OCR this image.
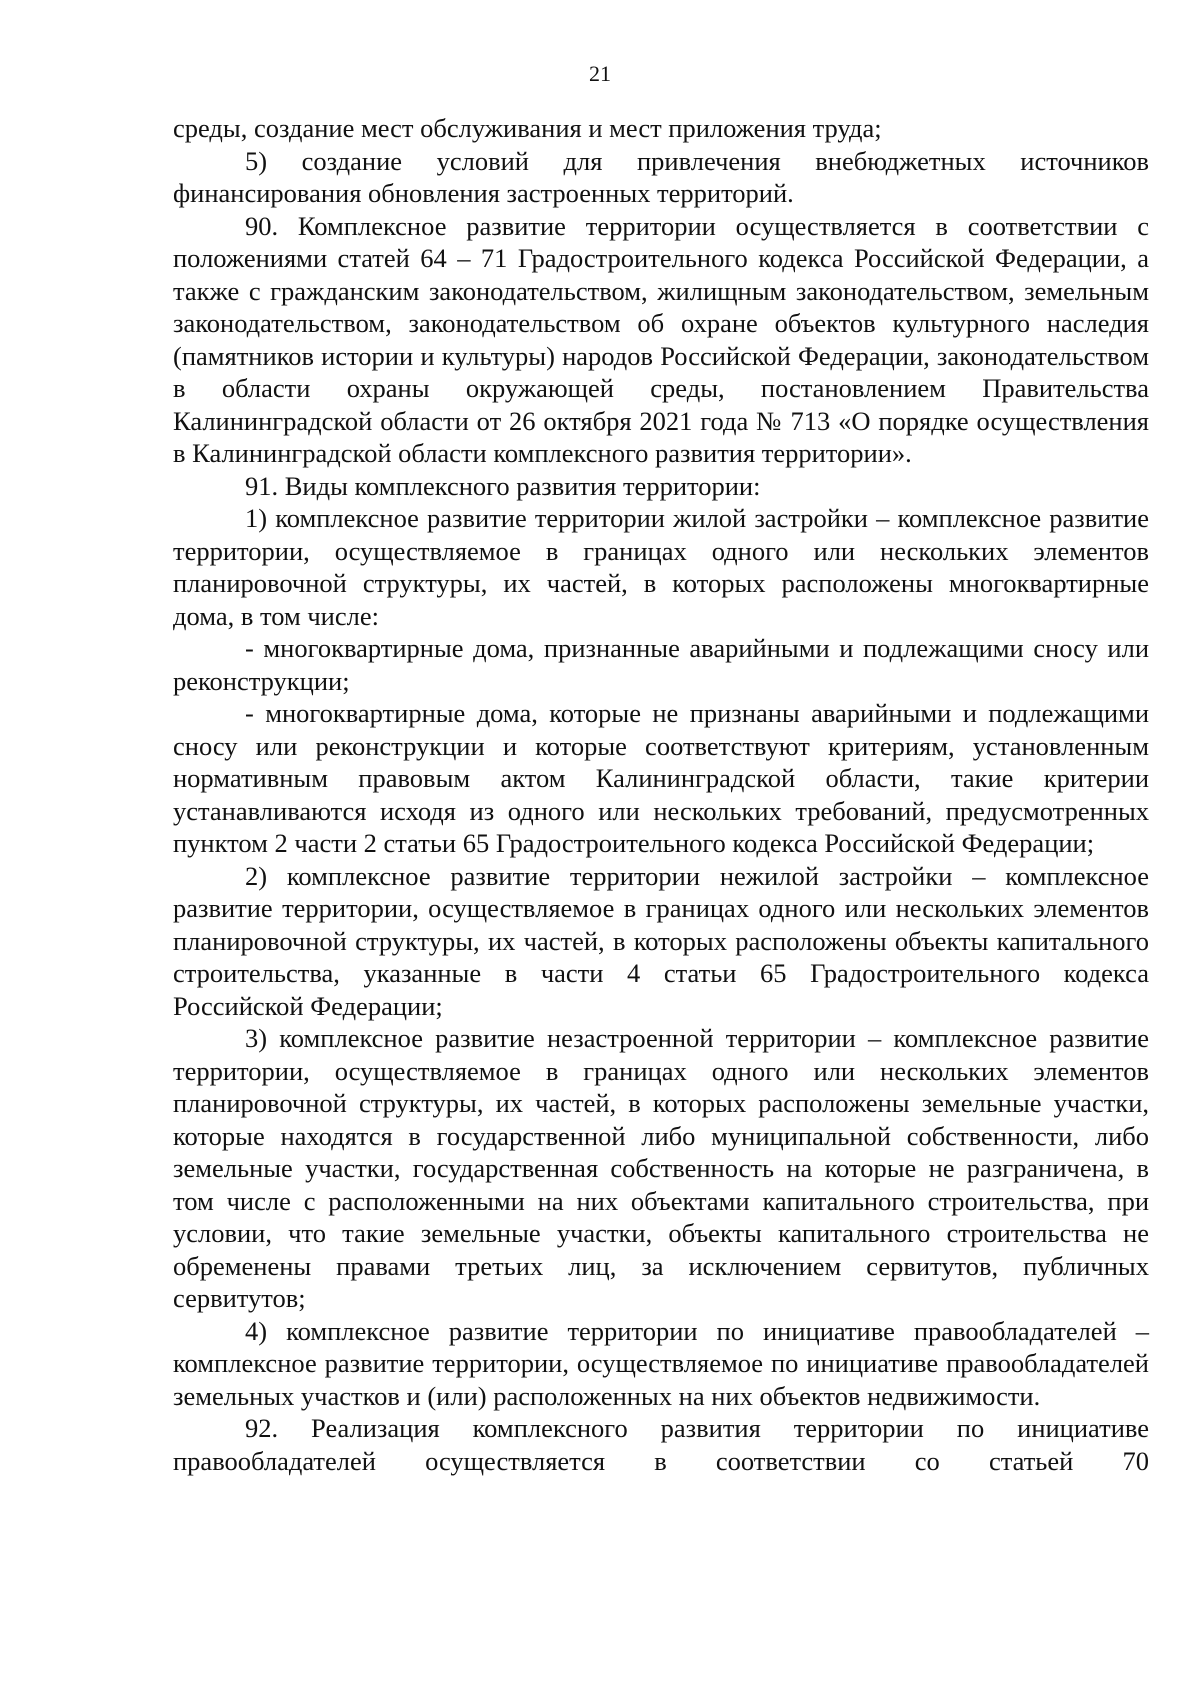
21

среды, создание мест обслуживания и мест приложения труда;

5) создание условий для привлечения внебюджетных источников финансирования обновления застроенных территорий.

90. Комплексное развитие территории осуществляется в соответствии с положениями статей 64 – 71 Градостроительного кодекса Российской Федерации, а также с гражданским законодательством, жилищным законодательством, земельным законодательством, законодательством об охране объектов культурного наследия (памятников истории и культуры) народов Российской Федерации, законодательством в области охраны окружающей среды, постановлением Правительства Калининградской области от 26 октября 2021 года № 713 «О порядке осуществления в Калининградской области комплексного развития территории».

91. Виды комплексного развития территории:

1) комплексное развитие территории жилой застройки – комплексное развитие территории, осуществляемое в границах одного или нескольких элементов планировочной структуры, их частей, в которых расположены многоквартирные дома, в том числе:

- многоквартирные дома, признанные аварийными и подлежащими сносу или реконструкции;

- многоквартирные дома, которые не признаны аварийными и подлежащими сносу или реконструкции и которые соответствуют критериям, установленным нормативным правовым актом Калининградской области, такие критерии устанавливаются исходя из одного или нескольких требований, предусмотренных пунктом 2 части 2 статьи 65 Градостроительного кодекса Российской Федерации;

2) комплексное развитие территории нежилой застройки – комплексное развитие территории, осуществляемое в границах одного или нескольких элементов планировочной структуры, их частей, в которых расположены объекты капитального строительства, указанные в части 4 статьи 65 Градостроительного кодекса Российской Федерации;

3) комплексное развитие незастроенной территории – комплексное развитие территории, осуществляемое в границах одного или нескольких элементов планировочной структуры, их частей, в которых расположены земельные участки, которые находятся в государственной либо муниципальной собственности, либо земельные участки, государственная собственность на которые не разграничена, в том числе с расположенными на них объектами капитального строительства, при условии, что такие земельные участки, объекты капитального строительства не обременены правами третьих лиц, за исключением сервитутов, публичных сервитутов;

4) комплексное развитие территории по инициативе правообладателей – комплексное развитие территории, осуществляемое по инициативе правообладателей земельных участков и (или) расположенных на них объектов недвижимости.

92. Реализация комплексного развития территории по инициативе правообладателей осуществляется в соответствии со статьей 70
